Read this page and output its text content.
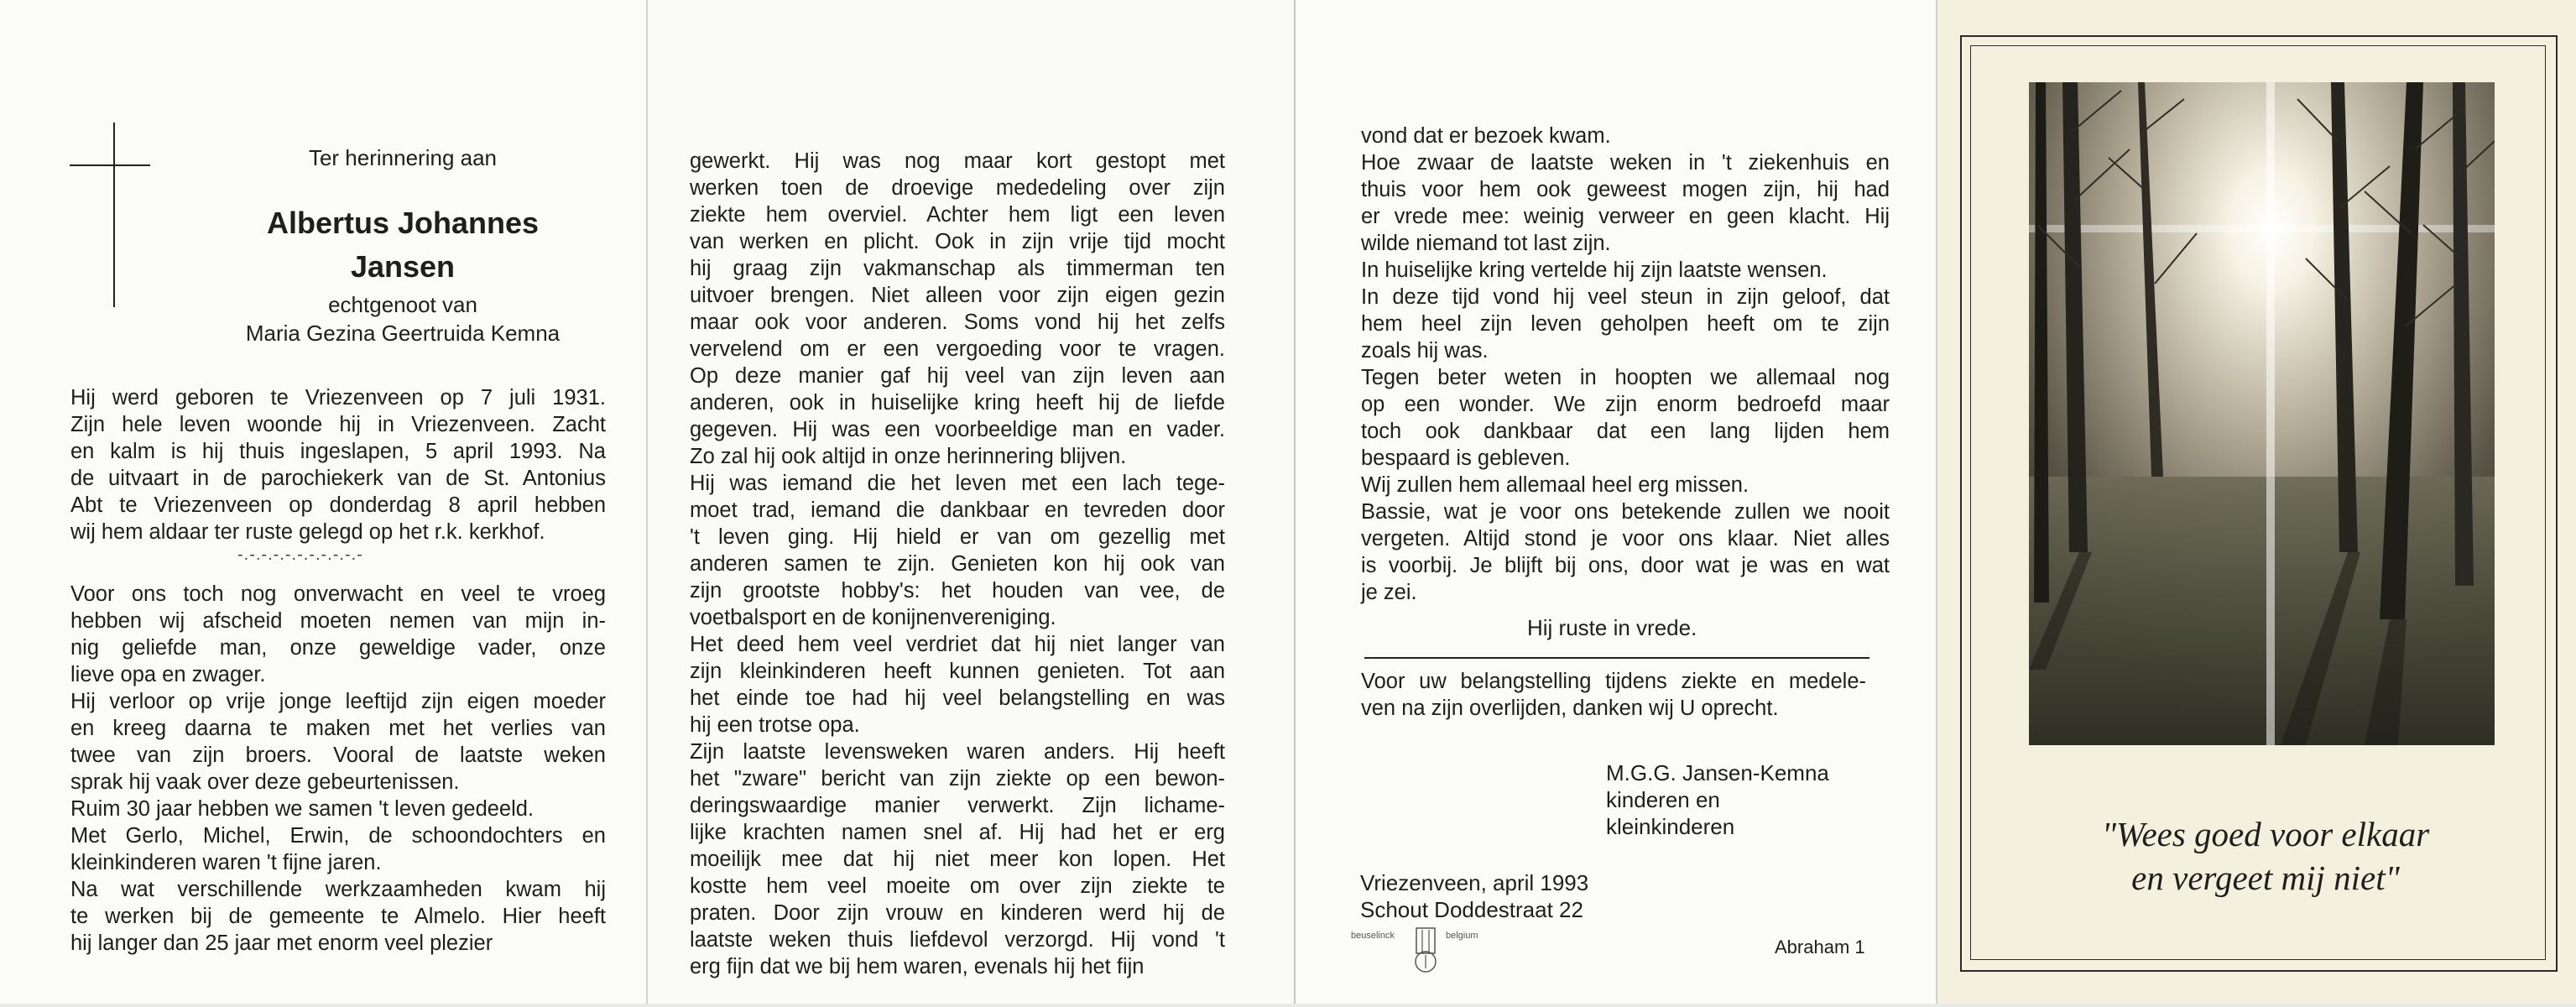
Ter herinnering aan
Albertus Johannes
Jansen
echtgenoot van
Maria Gezina Geertruida Kemna
Hij werd geboren te Vriezenveen op 7 juli 1931.
Zijn hele leven woonde hij in Vriezenveen. Zacht
en kalm is hij thuis ingeslapen, 5 april 1993. Na
de uitvaart in de parochiekerk van de St. Antonius
Abt te Vriezenveen op donderdag 8 april hebben
wij hem aldaar ter ruste gelegd op het r.k. kerkhof.
-.-.-.-.-.-.-.-.-.-.-
Voor ons toch nog onverwacht en veel te vroeg
hebben wij afscheid moeten nemen van mijn in-
nig geliefde man, onze geweldige vader, onze
lieve opa en zwager.
Hij verloor op vrije jonge leeftijd zijn eigen moeder
en kreeg daarna te maken met het verlies van
twee van zijn broers. Vooral de laatste weken
sprak hij vaak over deze gebeurtenissen.
Ruim 30 jaar hebben we samen 't leven gedeeld.
Met Gerlo, Michel, Erwin, de schoondochters en
kleinkinderen waren 't fijne jaren.
Na wat verschillende werkzaamheden kwam hij
te werken bij de gemeente te Almelo. Hier heeft
hij langer dan 25 jaar met enorm veel plezier
gewerkt. Hij was nog maar kort gestopt met
werken toen de droevige mededeling over zijn
ziekte hem overviel. Achter hem ligt een leven
van werken en plicht. Ook in zijn vrije tijd mocht
hij graag zijn vakmanschap als timmerman ten
uitvoer brengen. Niet alleen voor zijn eigen gezin
maar ook voor anderen. Soms vond hij het zelfs
vervelend om er een vergoeding voor te vragen.
Op deze manier gaf hij veel van zijn leven aan
anderen, ook in huiselijke kring heeft hij de liefde
gegeven. Hij was een voorbeeldige man en vader.
Zo zal hij ook altijd in onze herinnering blijven.
Hij was iemand die het leven met een lach tege-
moet trad, iemand die dankbaar en tevreden door
't leven ging. Hij hield er van om gezellig met
anderen samen te zijn. Genieten kon hij ook van
zijn grootste hobby's: het houden van vee, de
voetbalsport en de konijnenvereniging.
Het deed hem veel verdriet dat hij niet langer van
zijn kleinkinderen heeft kunnen genieten. Tot aan
het einde toe had hij veel belangstelling en was
hij een trotse opa.
Zijn laatste levensweken waren anders. Hij heeft
het "zware" bericht van zijn ziekte op een bewon-
deringswaardige manier verwerkt. Zijn lichame-
lijke krachten namen snel af. Hij had het er erg
moeilijk mee dat hij niet meer kon lopen. Het
kostte hem veel moeite om over zijn ziekte te
praten. Door zijn vrouw en kinderen werd hij de
laatste weken thuis liefdevol verzorgd. Hij vond 't
erg fijn dat we bij hem waren, evenals hij het fijn
vond dat er bezoek kwam.
Hoe zwaar de laatste weken in 't ziekenhuis en
thuis voor hem ook geweest mogen zijn, hij had
er vrede mee: weinig verweer en geen klacht. Hij
wilde niemand tot last zijn.
In huiselijke kring vertelde hij zijn laatste wensen.
In deze tijd vond hij veel steun in zijn geloof, dat
hem heel zijn leven geholpen heeft om te zijn
zoals hij was.
Tegen beter weten in hoopten we allemaal nog
op een wonder. We zijn enorm bedroefd maar
toch ook dankbaar dat een lang lijden hem
bespaard is gebleven.
Wij zullen hem allemaal heel erg missen.
Bassie, wat je voor ons betekende zullen we nooit
vergeten. Altijd stond je voor ons klaar. Niet alles
is voorbij. Je blijft bij ons, door wat je was en wat
je zei.
Hij ruste in vrede.
Voor uw belangstelling tijdens ziekte en medele-
ven na zijn overlijden, danken wij U oprecht.
M.G.G. Jansen-Kemna
kinderen en
kleinkinderen
Vriezenveen, april 1993
Schout Doddestraat 22
beuselinck	belgium
Abraham 1
"Wees goed voor elkaar
en vergeet mij niet"
